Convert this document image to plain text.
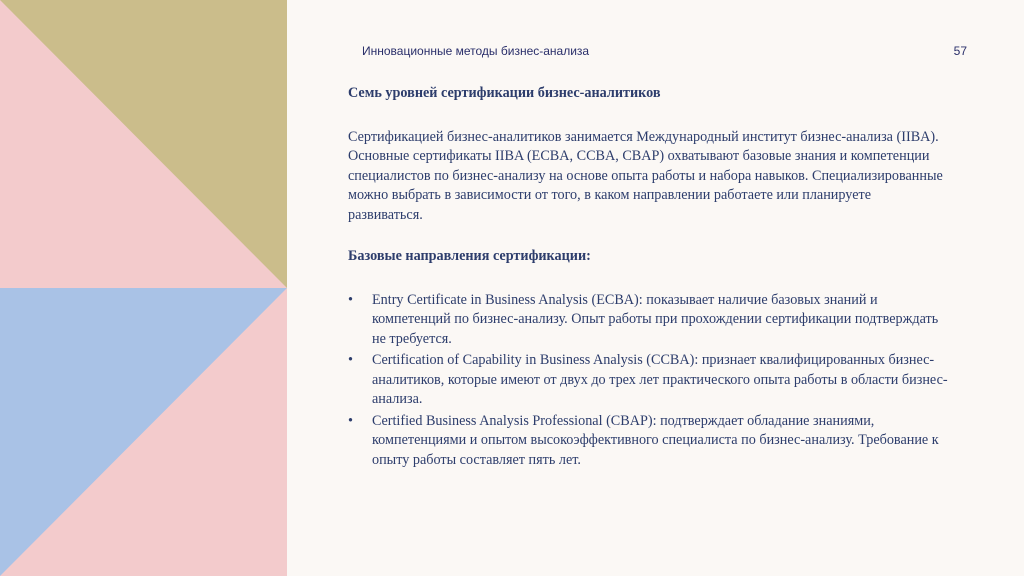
Инновационные методы бизнес-анализа	57

Семь уровней сертификации бизнес-аналитиков

Сертификацией бизнес-аналитиков занимается Международный институт бизнес-анализа (IIBA). Основные сертификаты IIBA (ECBA, CCBA, CBAP) охватывают базовые знания и компетенции специалистов по бизнес-анализу на основе опыта работы и набора навыков. Специализированные можно выбрать в зависимости от того, в каком направлении работаете или планируете развиваться.

Базовые направления сертификации:

• Entry Certificate in Business Analysis (ECBA): показывает наличие базовых знаний и компетенций по бизнес-анализу. Опыт работы при прохождении сертификации подтверждать не требуется.
• Certification of Capability in Business Analysis (CCBA): признает квалифицированных бизнес-аналитиков, которые имеют от двух до трех лет практического опыта работы в области бизнес-анализа.
• Certified Business Analysis Professional (CBAP): подтверждает обладание знаниями, компетенциями и опытом высокоэффективного специалиста по бизнес-анализу. Требование к опыту работы составляет пять лет.
